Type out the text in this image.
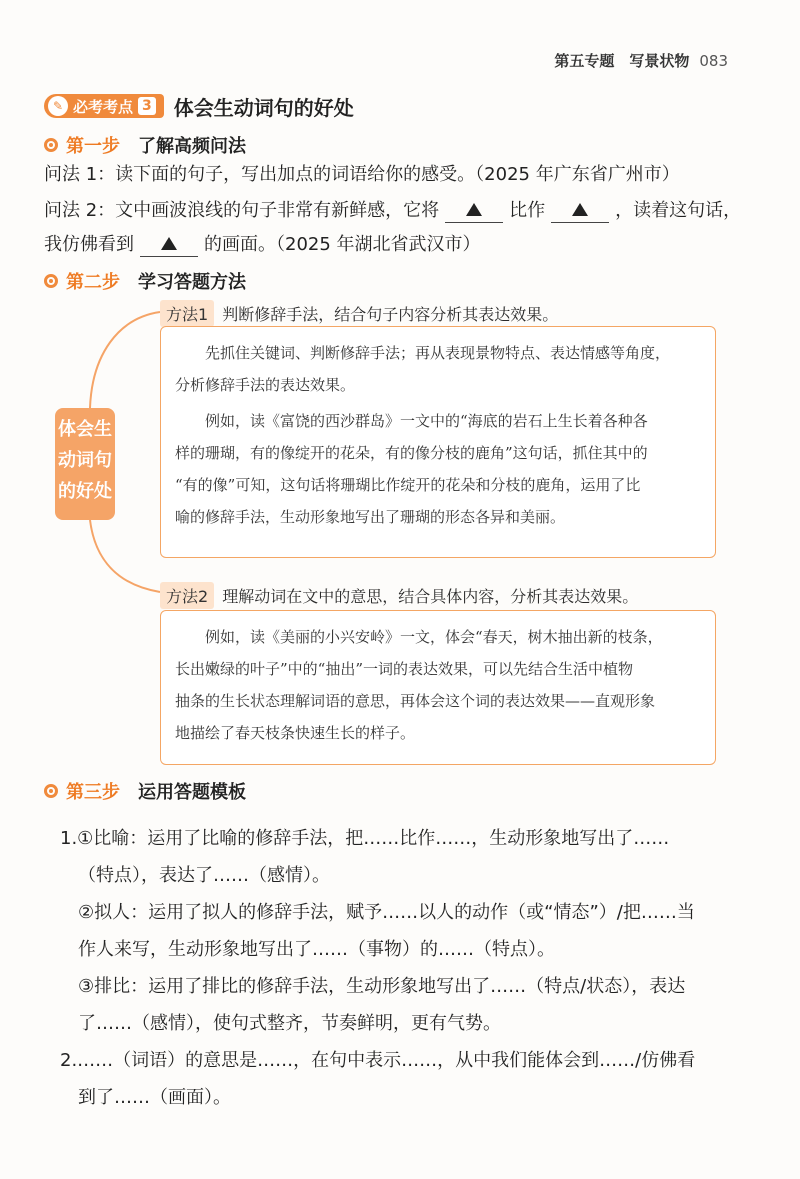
第五专题　写景状物 083
✎ 必考考点 3 体会生动词句的好处
第一步 了解高频问法
问法 1：读下面的句子，写出加点的词语给你的感受。（2025 年广东省广州市）
问法 2：文中画波浪线的句子非常有新鲜感，它将	比作	，读着这句话，
我仿佛看到	的画面。（2025 年湖北省武汉市）
第二步 学习答题方法
体会生
动词句
的好处
方法1 判断修辞手法，结合句子内容分析其表达效果。

先抓住关键词、判断修辞手法；再从表现景物特点、表达情感等角度，

分析修辞手法的表达效果。

例如，读《富饶的西沙群岛》一文中的“海底的岩石上生长着各种各

样的珊瑚，有的像绽开的花朵，有的像分枝的鹿角”这句话，抓住其中的
“有的像”可知，这句话将珊瑚比作绽开的花朵和分枝的鹿角，运用了比
喻的修辞手法，生动形象地写出了珊瑚的形态各异和美丽。
方法2 理解动词在文中的意思，结合具体内容，分析其表达效果。

例如，读《美丽的小兴安岭》一文，体会“春天，树木抽出新的枝条，

长出嫩绿的叶子”中的“抽出”一词的表达效果，可以先结合生活中植物
抽条的生长状态理解词语的意思，再体会这个词的表达效果——直观形象
地描绘了春天枝条快速生长的样子。
第三步 运用答题模板
1.①比喻：运用了比喻的修辞手法，把……比作……，生动形象地写出了……
（特点），表达了……（感情）。
②拟人：运用了拟人的修辞手法，赋予……以人的动作（或“情态”）/把……当
作人来写，生动形象地写出了……（事物）的……（特点）。
③排比：运用了排比的修辞手法，生动形象地写出了……（特点/状态），表达
了……（感情），使句式整齐，节奏鲜明，更有气势。
2.……（词语）的意思是……，在句中表示……，从中我们能体会到……/仿佛看
到了……（画面）。
